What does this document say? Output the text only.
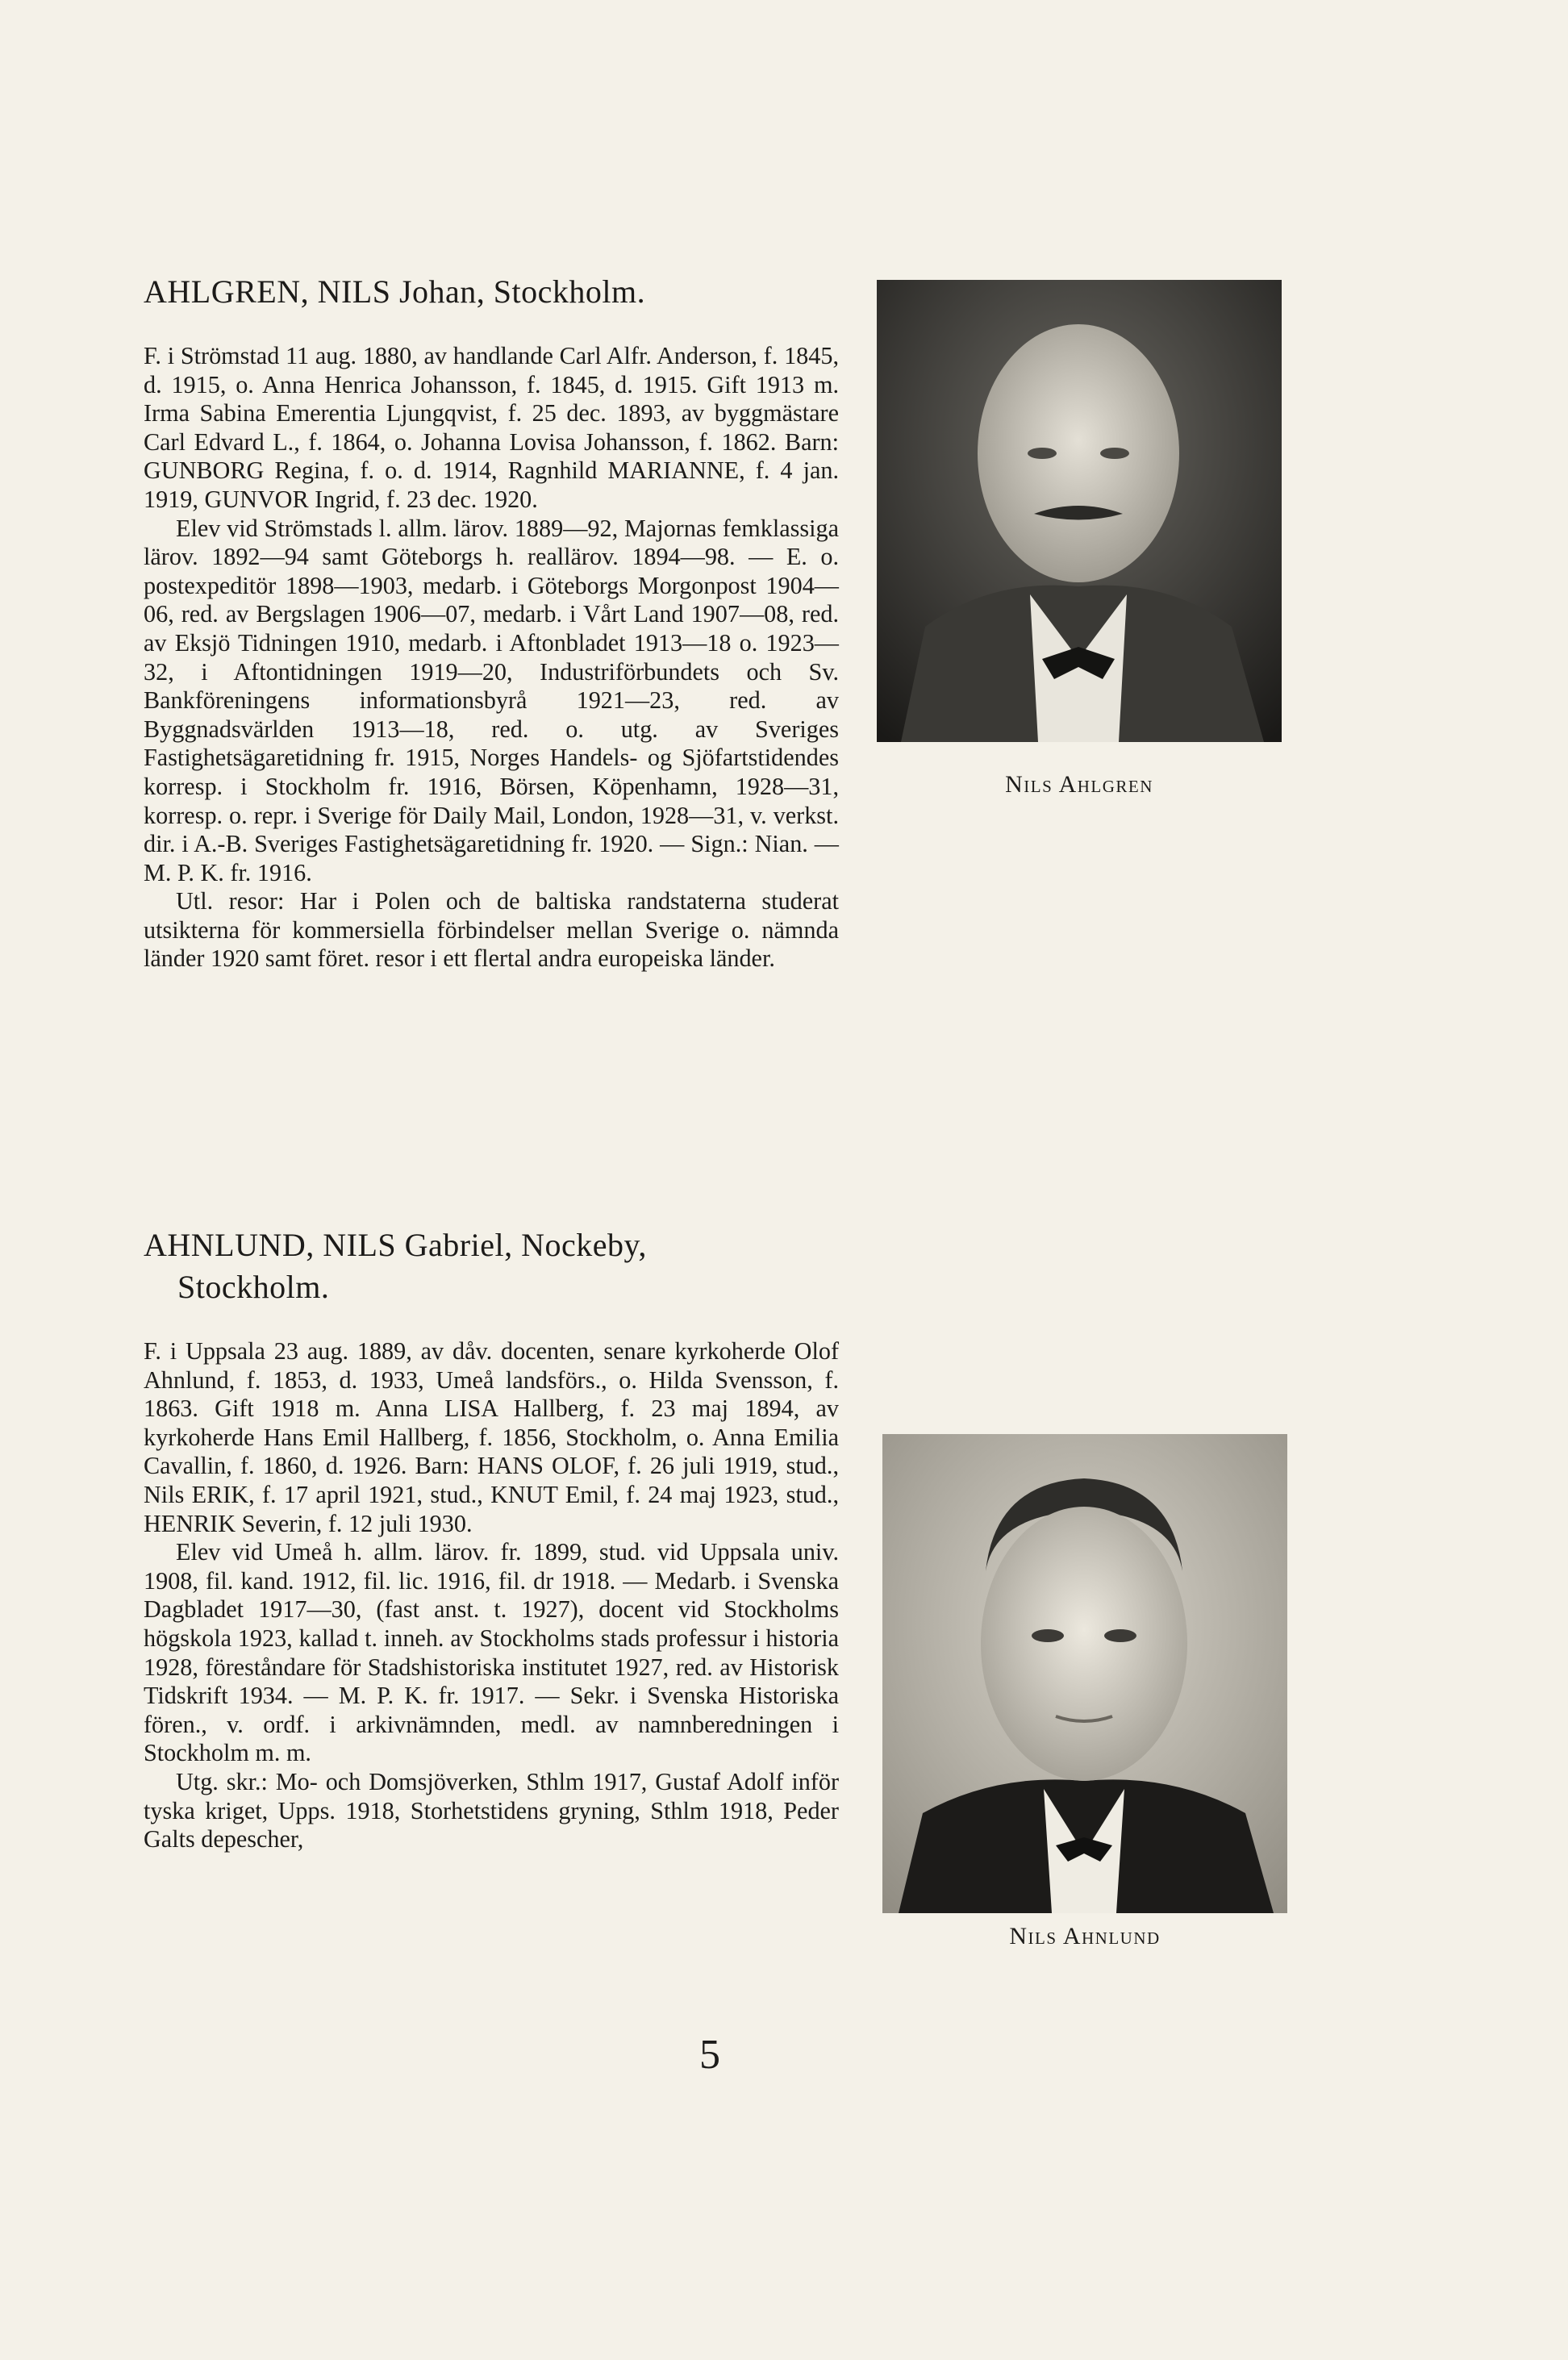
AHLGREN, NILS Johan, Stockholm.

F. i Strömstad 11 aug. 1880, av handlande Carl Alfr. Anderson, f. 1845, d. 1915, o. Anna Henrica Johansson, f. 1845, d. 1915. Gift 1913 m. Irma Sabina Emerentia Ljungqvist, f. 25 dec. 1893, av byggmästare Carl Edvard L., f. 1864, o. Johanna Lovisa Johansson, f. 1862. Barn: GUNBORG Regina, f. o. d. 1914, Ragnhild MARIANNE, f. 4 jan. 1919, GUNVOR Ingrid, f. 23 dec. 1920.

Elev vid Strömstads l. allm. lärov. 1889—92, Majornas femklassiga lärov. 1892—94 samt Göteborgs h. reallärov. 1894—98. — E. o. postexpeditör 1898—1903, medarb. i Göteborgs Morgonpost 1904—06, red. av Bergslagen 1906—07, medarb. i Vårt Land 1907—08, red. av Eksjö Tidningen 1910, medarb. i Aftonbladet 1913—18 o. 1923—32, i Aftontidningen 1919—20, Industriförbundets och Sv. Bankföreningens informationsbyrå 1921—23, red. av Byggnadsvärlden 1913—18, red. o. utg. av Sveriges Fastighetsägaretidning fr. 1915, Norges Handels- og Sjöfartstidendes korresp. i Stockholm fr. 1916, Börsen, Köpenhamn, 1928—31, korresp. o. repr. i Sverige för Daily Mail, London, 1928—31, v. verkst. dir. i A.-B. Sveriges Fastighetsägaretidning fr. 1920. — Sign.: Nian. — M. P. K. fr. 1916.

Utl. resor: Har i Polen och de baltiska randstaterna studerat utsikterna för kommersiella förbindelser mellan Sverige o. nämnda länder 1920 samt föret. resor i ett flertal andra europeiska länder.

Nils Ahlgren
AHNLUND, NILS Gabriel, Nockeby,
Stockholm.

F. i Uppsala 23 aug. 1889, av dåv. docenten, senare kyrkoherde Olof Ahnlund, f. 1853, d. 1933, Umeå landsförs., o. Hilda Svensson, f. 1863. Gift 1918 m. Anna LISA Hallberg, f. 23 maj 1894, av kyrkoherde Hans Emil Hallberg, f. 1856, Stockholm, o. Anna Emilia Cavallin, f. 1860, d. 1926. Barn: HANS OLOF, f. 26 juli 1919, stud., Nils ERIK, f. 17 april 1921, stud., KNUT Emil, f. 24 maj 1923, stud., HENRIK Severin, f. 12 juli 1930.

Elev vid Umeå h. allm. lärov. fr. 1899, stud. vid Uppsala univ. 1908, fil. kand. 1912, fil. lic. 1916, fil. dr 1918. — Medarb. i Svenska Dagbladet 1917—30, (fast anst. t. 1927), docent vid Stockholms högskola 1923, kallad t. inneh. av Stockholms stads professur i historia 1928, föreståndare för Stadshistoriska institutet 1927, red. av Historisk Tidskrift 1934. — M. P. K. fr. 1917. — Sekr. i Svenska Historiska fören., v. ordf. i arkivnämnden, medl. av namnberedningen i Stockholm m. m.

Utg. skr.: Mo- och Domsjöverken, Sthlm 1917, Gustaf Adolf inför tyska kriget, Upps. 1918, Storhetstidens gryning, Sthlm 1918, Peder Galts depescher,

Nils Ahnlund
5
